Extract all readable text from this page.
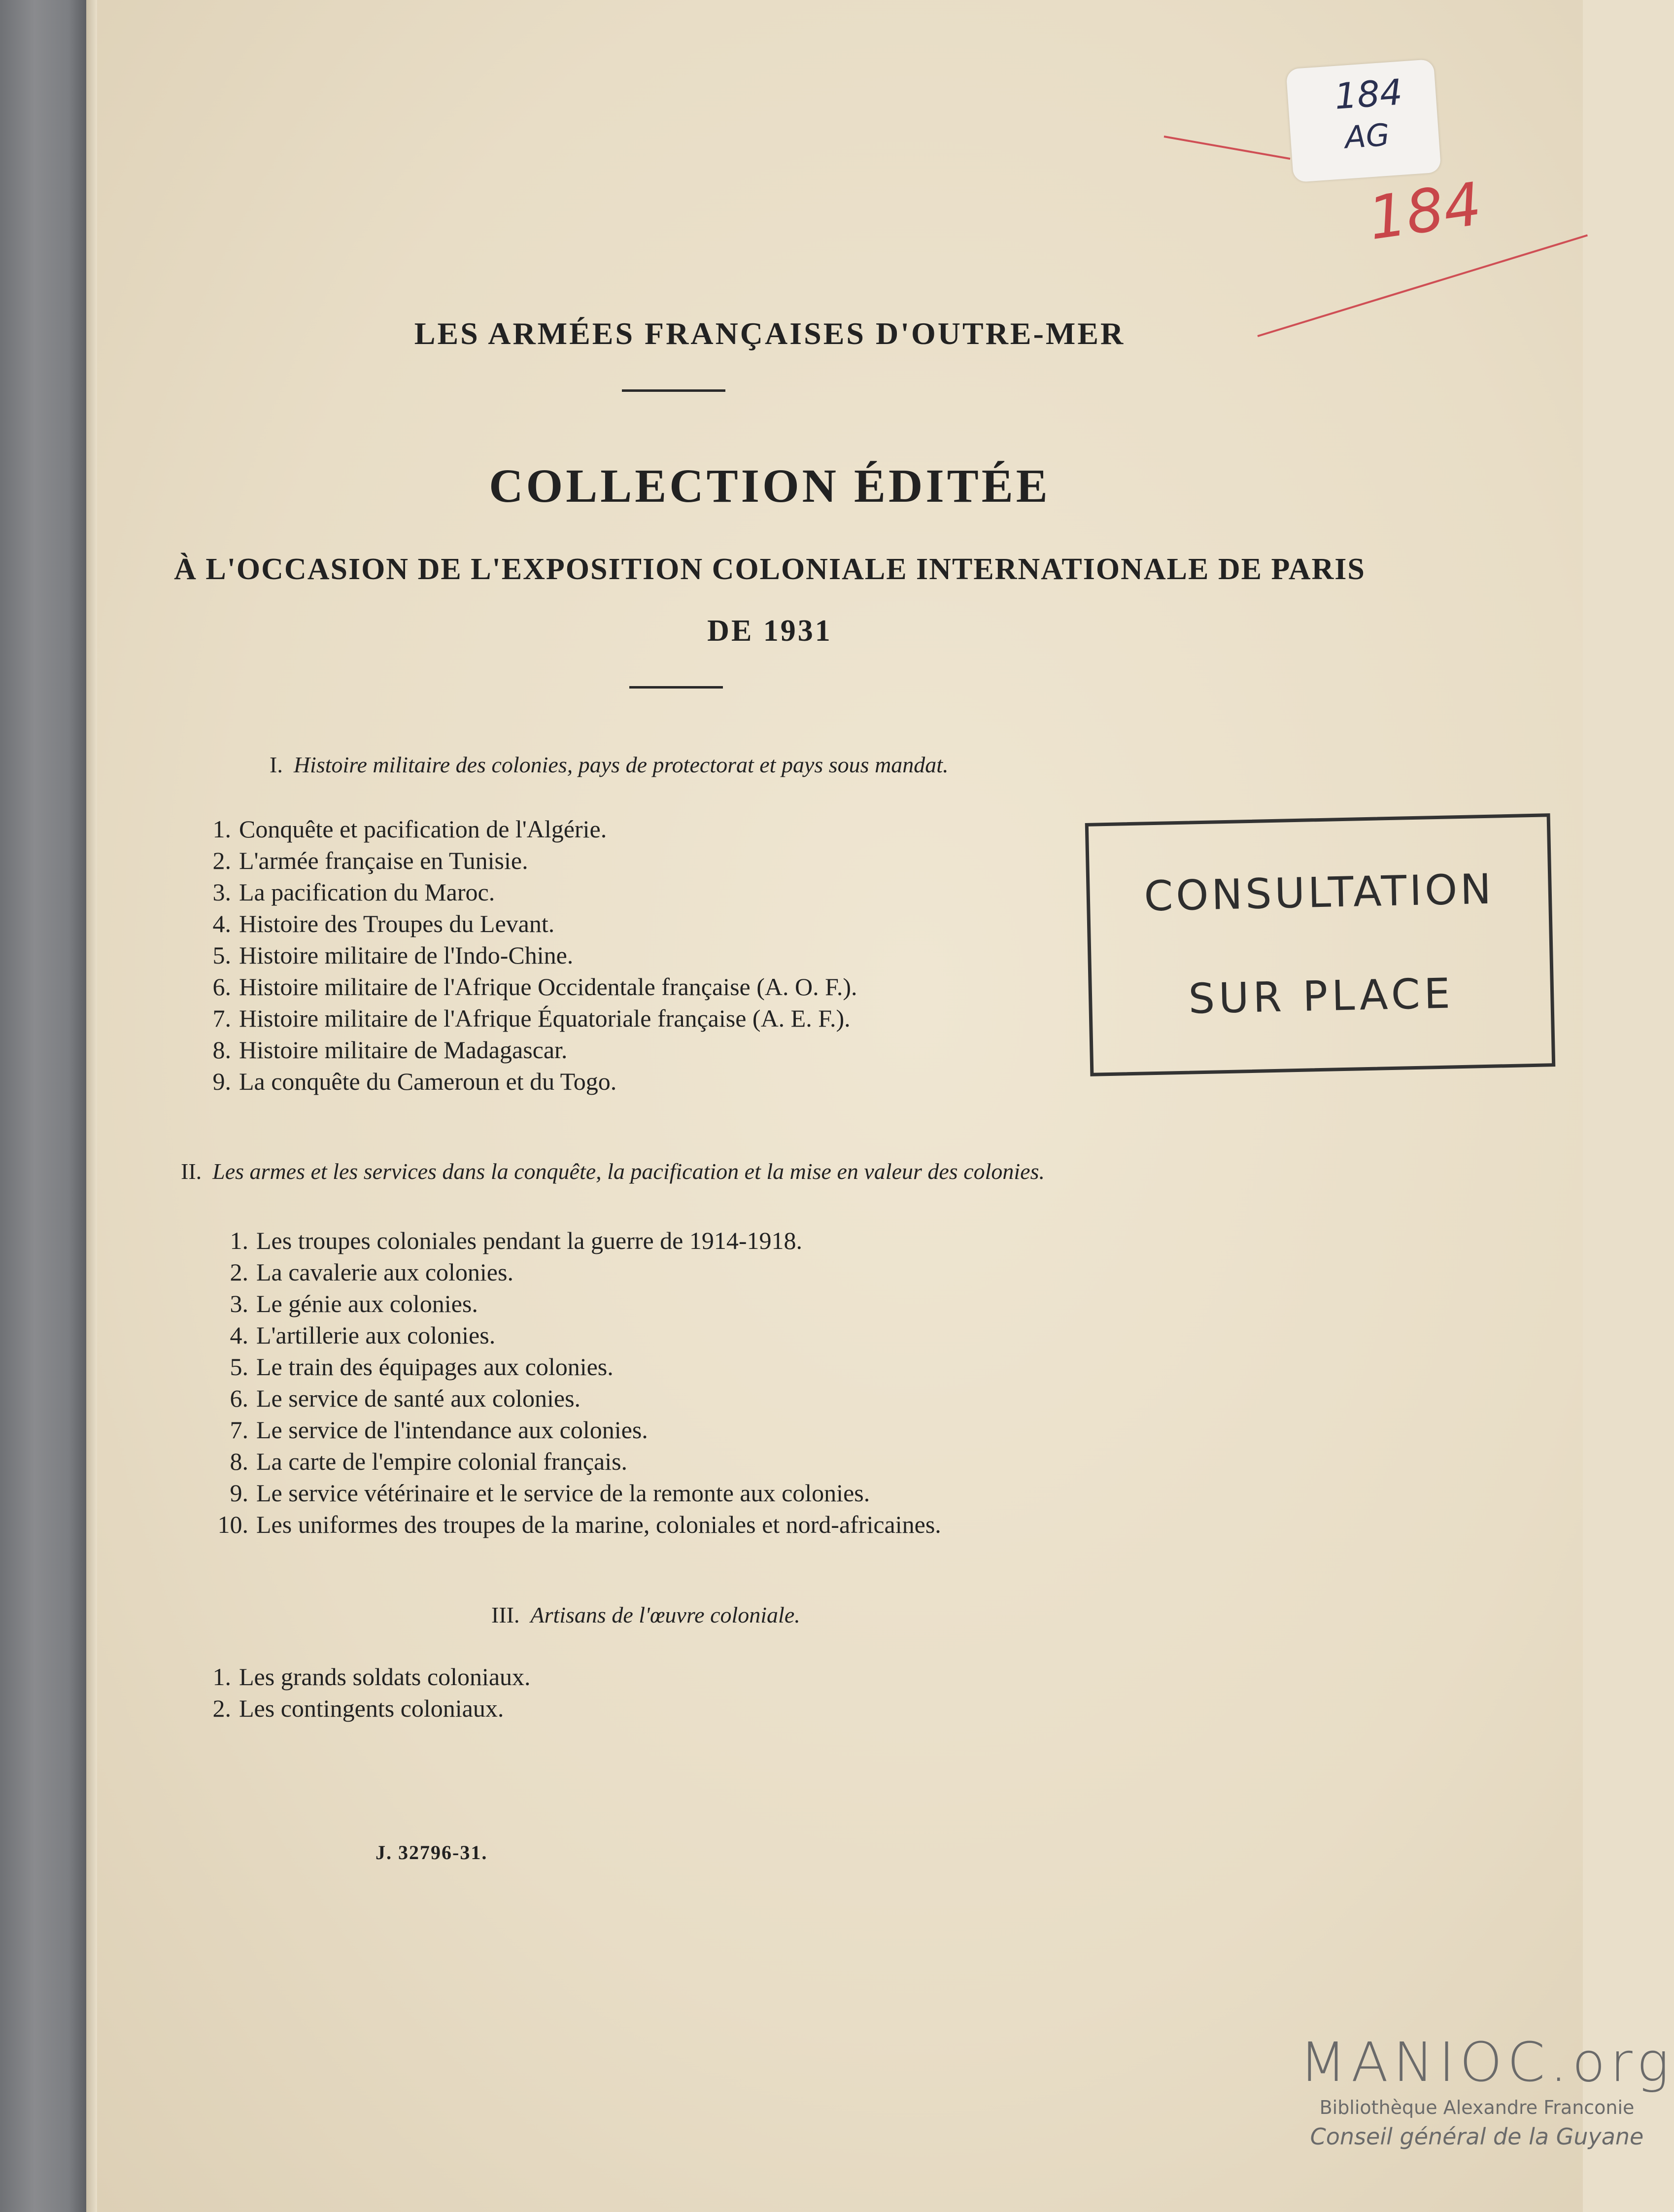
184
AG
184
LES ARMÉES FRANÇAISES D'OUTRE-MER
COLLECTION ÉDITÉE
À L'OCCASION DE L'EXPOSITION COLONIALE INTERNATIONALE DE PARIS
DE 1931
I. Histoire militaire des colonies, pays de protectorat et pays sous mandat.
1. Conquête et pacification de l'Algérie.
2. L'armée française en Tunisie.
3. La pacification du Maroc.
4. Histoire des Troupes du Levant.
5. Histoire militaire de l'Indo-Chine.
6. Histoire militaire de l'Afrique Occidentale française (A. O. F.).
7. Histoire militaire de l'Afrique Équatoriale française (A. E. F.).
8. Histoire militaire de Madagascar.
9. La conquête du Cameroun et du Togo.
CONSULTATION
SUR PLACE
II. Les armes et les services dans la conquête, la pacification et la mise en valeur des colonies.
1. Les troupes coloniales pendant la guerre de 1914-1918.
2. La cavalerie aux colonies.
3. Le génie aux colonies.
4. L'artillerie aux colonies.
5. Le train des équipages aux colonies.
6. Le service de santé aux colonies.
7. Le service de l'intendance aux colonies.
8. La carte de l'empire colonial français.
9. Le service vétérinaire et le service de la remonte aux colonies.
10. Les uniformes des troupes de la marine, coloniales et nord-africaines.
III. Artisans de l'œuvre coloniale.
1. Les grands soldats coloniaux.
2. Les contingents coloniaux.
J. 32796-31.
MANIOC.org
Bibliothèque Alexandre Franconie
Conseil général de la Guyane
